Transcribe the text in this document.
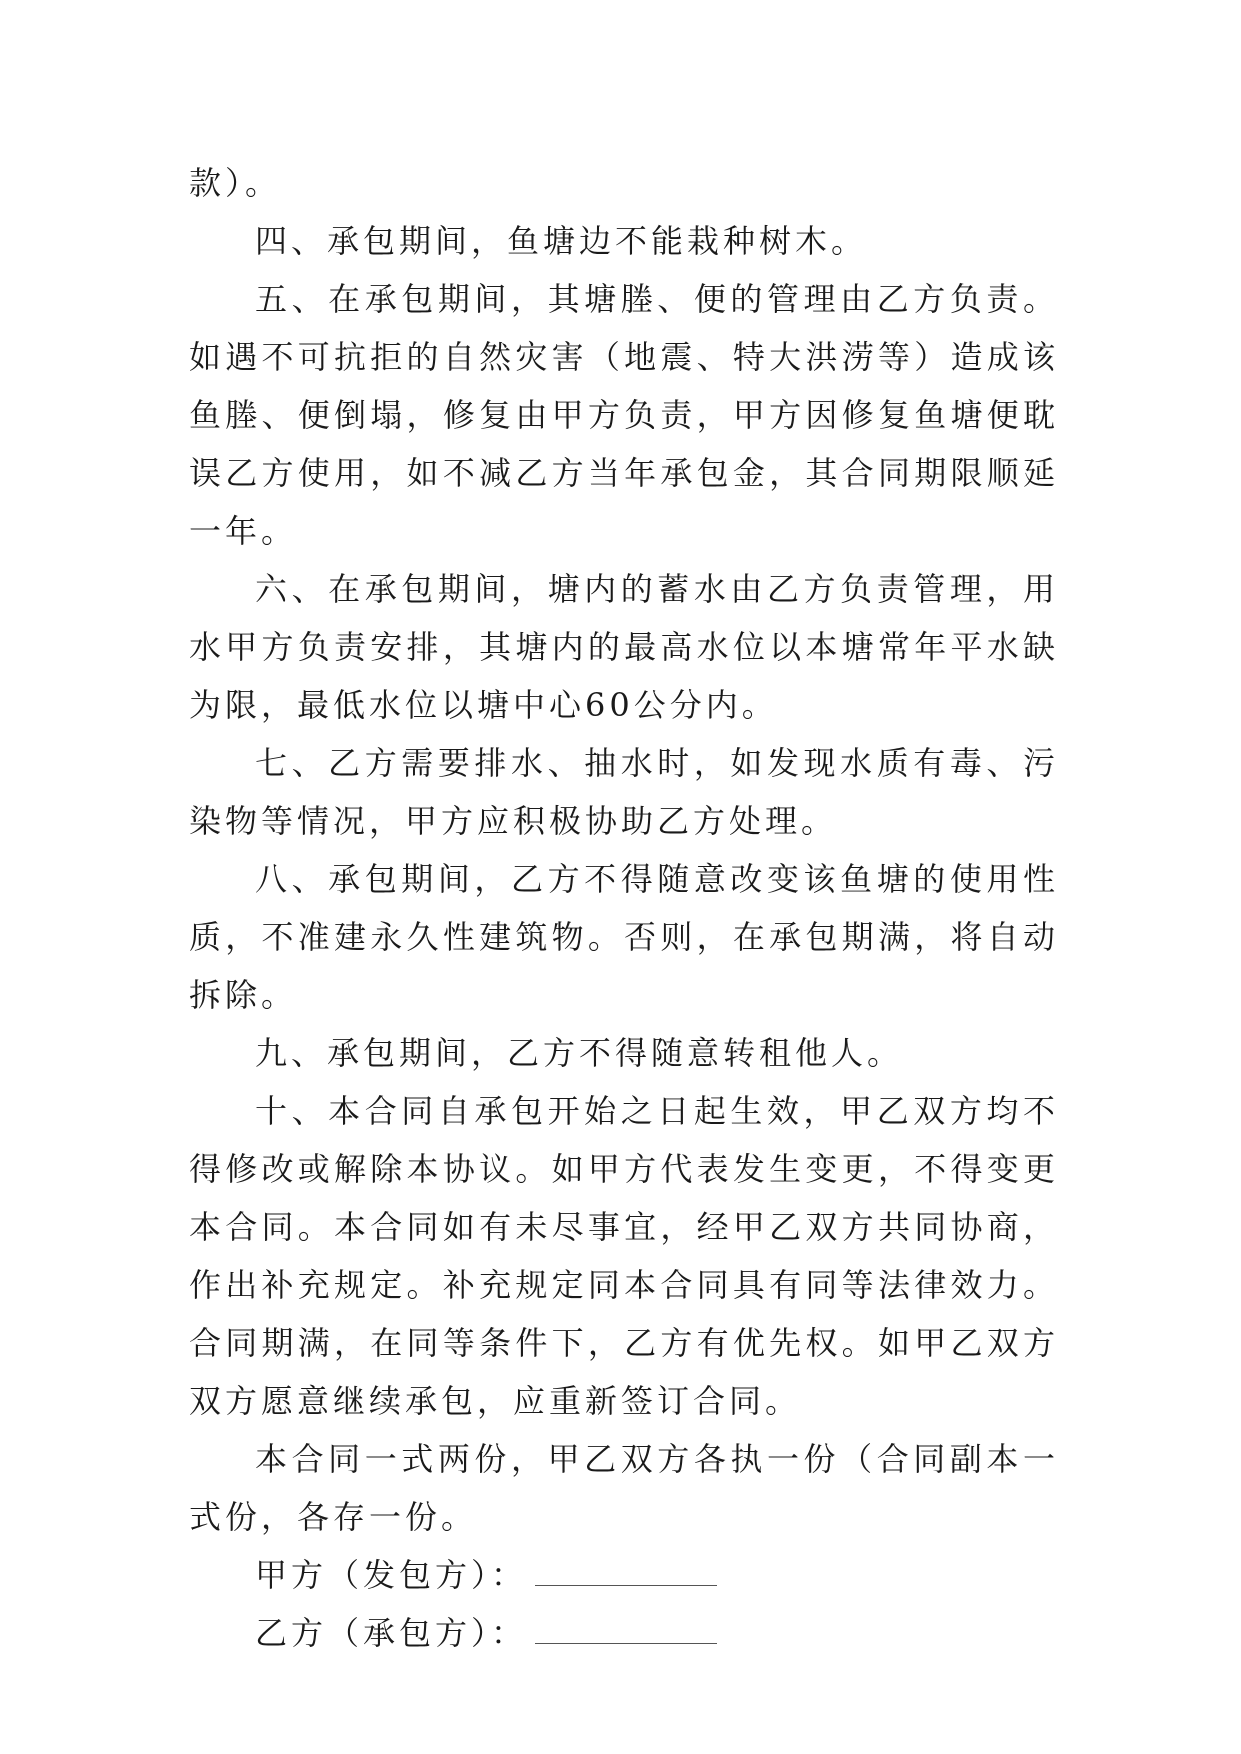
款）。

四、承包期间，鱼塘边不能栽种树木。

五、在承包期间，其塘塍、便的管理由乙方负责。如遇不可抗拒的自然灾害（地震、特大洪涝等）造成该鱼塍、便倒塌，修复由甲方负责，甲方因修复鱼塘便耽误乙方使用，如不减乙方当年承包金，其合同期限顺延一年。

六、在承包期间，塘内的蓄水由乙方负责管理，用水甲方负责安排，其塘内的最高水位以本塘常年平水缺为限，最低水位以塘中心60公分内。

七、乙方需要排水、抽水时，如发现水质有毒、污染物等情况，甲方应积极协助乙方处理。

八、承包期间，乙方不得随意改变该鱼塘的使用性质，不准建永久性建筑物。否则，在承包期满，将自动拆除。

九、承包期间，乙方不得随意转租他人。

十、本合同自承包开始之日起生效，甲乙双方均不得修改或解除本协议。如甲方代表发生变更，不得变更本合同。本合同如有未尽事宜，经甲乙双方共同协商，作出补充规定。补充规定同本合同具有同等法律效力。合同期满，在同等条件下，乙方有优先权。如甲乙双方双方愿意继续承包，应重新签订合同。

本合同一式两份，甲乙双方各执一份（合同副本一式份，各存一份。

甲方（发包方）：

乙方（承包方）：
